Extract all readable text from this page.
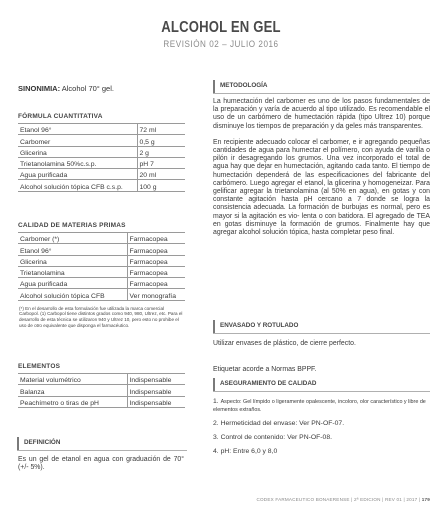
ALCOHOL EN GEL
REVISIÓN 02 – JULIO 2016
SINONIMIA: Alcohol 70° gel.
FÓRMULA CUANTITATIVA
Etanol 96°	72 ml
Carbomer	0,5 g
Glicerina	2 g
Trietanolamina 50%c.s.p.	pH 7
Agua purificada	20 ml
Alcohol solución tópica CFB c.s.p.	100 g
CALIDAD DE MATERIAS PRIMAS
Carbomer (*)	Farmacopea
Etanol 96°	Farmacopea
Glicerina	Farmacopea
Trietanolamina	Farmacopea
Agua purificada	Farmacopea
Alcohol solución tópica CFB	Ver monografía
(*) En el desarrollo de esta formulación fue utilizada la marca comercial Carbopol. (1) Carbopol tiene distintos grados como 940, 980, Ultrez, etc. Para el desarrollo de esta técnica se utilizaron 940 y Ultrez 10, pero esto no prohibe el uso de otro equivalente que disponga el farmacéutico.
ELEMENTOS
Material volumétrico	Indispensable
Balanza	Indispensable
Peachímetro o tiras de pH	Indispensable
DEFINICIÓN
Es un gel de etanol en agua con graduación de 70° (+/- 5%).
METODOLOGÍA

La humectación del carbomer es uno de los pasos fundamentales de la preparación y varía de acuerdo al tipo utilizado. Es recomendable el uso de un carbómero de humectación rápida (tipo Ultrez 10) porque disminuye los tiempos de preparación y da geles más transparentes.

En recipiente adecuado colocar el carbomer, e ir agregando pequeñas cantidades de agua para humectar el polímero, con ayuda de varilla o pilón ir desagregando los grumos. Una vez incorporado el total de agua hay que dejar en humectación, agitando cada tanto. El tiempo de humectación dependerá de las especificaciones del fabricante del carbómero. Luego agregar el etanol, la glicerina y homogeneizar. Para gelificar agregar la trietanolamina (al 50% en agua), en gotas y con constante agitación hasta pH cercano a 7 donde se logra la consistencia adecuada. La formación de burbujas es normal, pero es mayor si la agitación es vio- lenta o con batidora. El agregado de TEA en gotas disminuye la formación de grumos. Finalmente hay que agregar alcohol solución tópica, hasta completar peso final.

ENVASADO Y ROTULADO
Utilizar envases de plástico, de cierre perfecto.
Etiquetar acorde a Normas BPPF.
ASEGURAMIENTO DE CALIDAD
1. Aspecto: Gel límpido o ligeramente opalescente, incoloro, olor característico y libre de elementos extraños.
2. Hermeticidad del envase: Ver PN-OF-07.
3. Control de contenido: Ver PN-OF-08.
4. pH: Entre 6,0 y 8,0
CODEX FARMACEUTICO BONAERENSE | 2ª EDICION | REV 01 | 2017 | 179
